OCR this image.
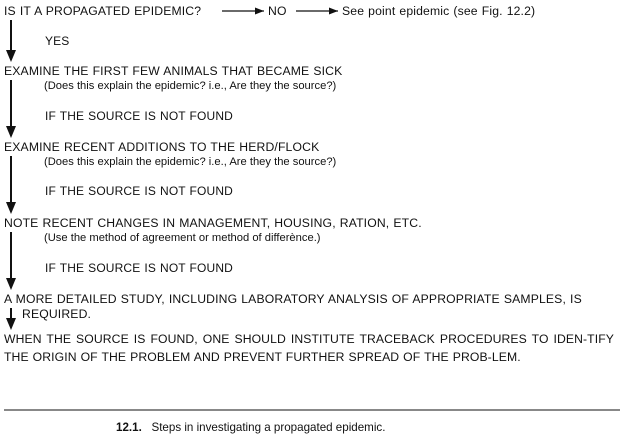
IS IT A PROPAGATED EPIDEMIC?	NO	See point epidemic (see Fig. 12.2)
YES
EXAMINE THE FIRST FEW ANIMALS THAT BECAME SICK
(Does this explain the epidemic? i.e., Are they the source?)
IF THE SOURCE IS NOT FOUND
EXAMINE RECENT ADDITIONS TO THE HERD/FLOCK
(Does this explain the epidemic? i.e., Are they the source?)
IF THE SOURCE IS NOT FOUND
NOTE RECENT CHANGES IN MANAGEMENT, HOUSING, RATION, ETC.
(Use the method of agreement or method of differènce.)
IF THE SOURCE IS NOT FOUND
A MORE DETAILED STUDY, INCLUDING LABORATORY ANALYSIS OF APPROPRIATE SAMPLES, IS
REQUIRED.
WHEN THE SOURCE IS FOUND, ONE SHOULD INSTITUTE TRACEBACK PROCEDURES TO IDEN-TIFY THE ORIGIN OF THE PROBLEM AND PREVENT FURTHER SPREAD OF THE PROB-LEM.
12.1. Steps in investigating a propagated epidemic.
